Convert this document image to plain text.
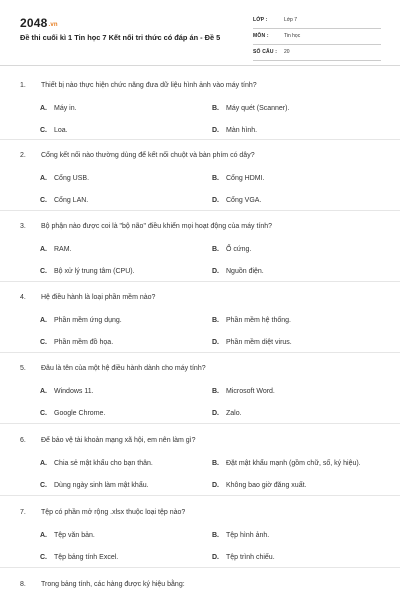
2048.vn
Đề thi cuối kì 1 Tin học 7 Kết nối tri thức có đáp án - Đề 5
LỚP :	Lớp 7
MÔN :	Tin học
SỐ CÂU : 20
1. Thiết bị nào thực hiện chức năng đưa dữ liệu hình ảnh vào máy tính?
A. Máy in.	B. Máy quét (Scanner).
C. Loa.	D. Màn hình.
2. Cổng kết nối nào thường dùng để kết nối chuột và bàn phím có dây?
A. Cổng USB.	B. Cổng HDMI.
C. Cổng LAN.	D. Cổng VGA.
3. Bộ phận nào được coi là "bộ não" điều khiển mọi hoạt động của máy tính?
A. RAM.	B. Ổ cứng.
C. Bộ xử lý trung tâm (CPU).	D. Nguồn điện.
4. Hệ điều hành là loại phần mềm nào?
A. Phần mềm ứng dụng.	B. Phần mềm hệ thống.
C. Phần mềm đồ họa.	D. Phần mềm diệt virus.
5. Đâu là tên của một hệ điều hành dành cho máy tính?
A. Windows 11.	B. Microsoft Word.
C. Google Chrome.	D. Zalo.
6. Để bảo vệ tài khoản mạng xã hội, em nên làm gì?
A. Chia sẻ mật khẩu cho bạn thân.	B. Đặt mật khẩu mạnh (gồm chữ, số, ký hiệu).
C. Dùng ngày sinh làm mật khẩu.	D. Không bao giờ đăng xuất.
7. Tệp có phần mở rộng .xlsx thuộc loại tệp nào?
A. Tệp văn bản.	B. Tệp hình ảnh.
C. Tệp bảng tính Excel.	D. Tệp trình chiếu.
8. Trong bảng tính, các hàng được ký hiệu bằng:
